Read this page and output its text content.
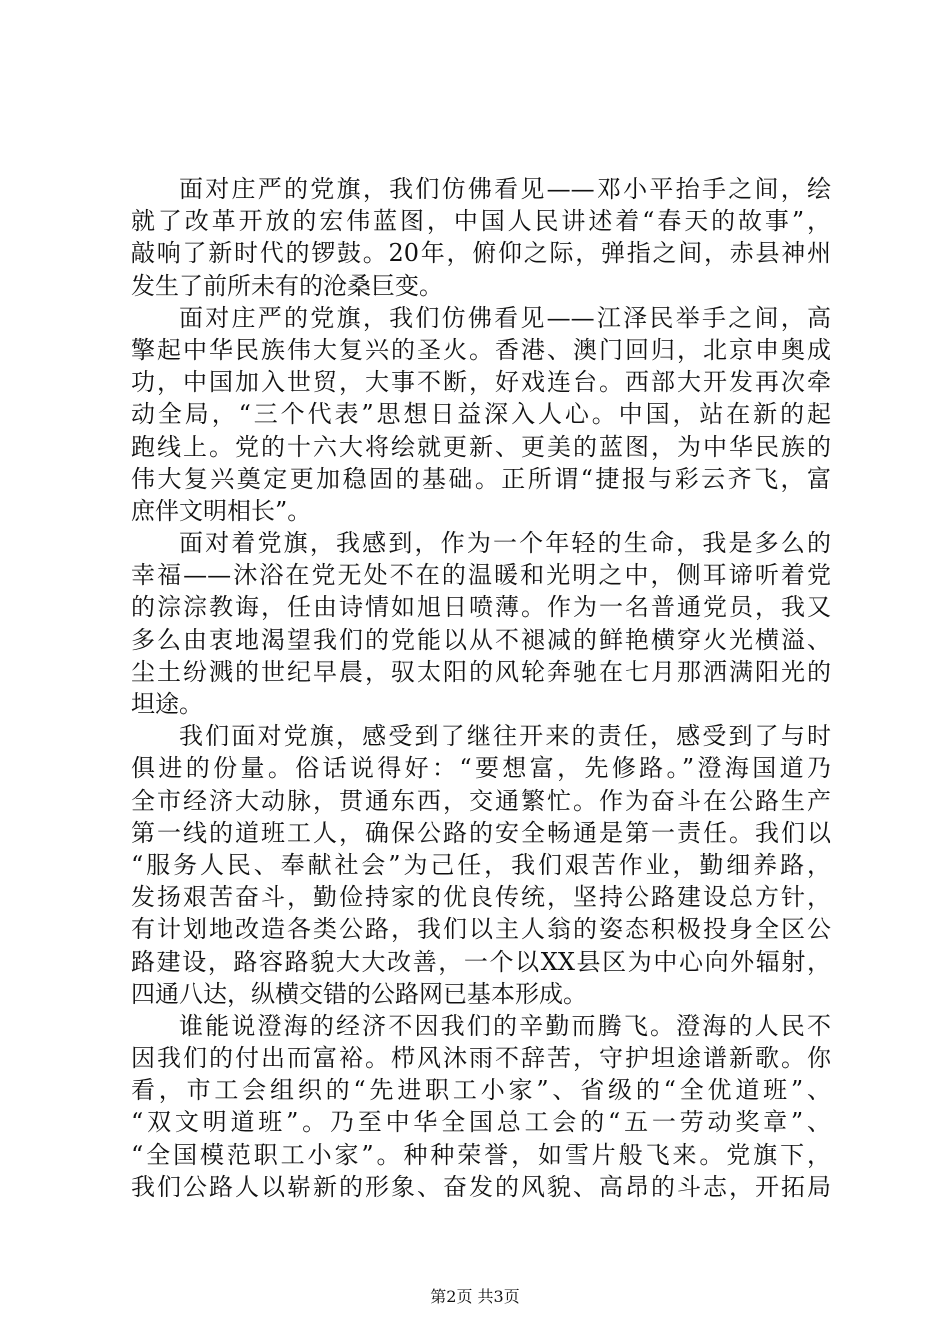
面对庄严的党旗，我们仿佛看见——邓小平抬手之间，绘
就了改革开放的宏伟蓝图，中国人民讲述着“春天的故事”，
敲响了新时代的锣鼓。20年，俯仰之际，弹指之间，赤县神州
发生了前所未有的沧桑巨变。
面对庄严的党旗，我们仿佛看见——江泽民举手之间，高
擎起中华民族伟大复兴的圣火。香港、澳门回归，北京申奥成
功，中国加入世贸，大事不断，好戏连台。西部大开发再次牵
动全局，“三个代表”思想日益深入人心。中国，站在新的起
跑线上。党的十六大将绘就更新、更美的蓝图，为中华民族的
伟大复兴奠定更加稳固的基础。正所谓“捷报与彩云齐飞，富
庶伴文明相长”。
面对着党旗，我感到，作为一个年轻的生命，我是多么的
幸福——沐浴在党无处不在的温暖和光明之中，侧耳谛听着党
的淙淙教诲，任由诗情如旭日喷薄。作为一名普通党员，我又
多么由衷地渴望我们的党能以从不褪减的鲜艳横穿火光横溢、
尘土纷溅的世纪早晨，驭太阳的风轮奔驰在七月那洒满阳光的
坦途。
我们面对党旗，感受到了继往开来的责任，感受到了与时
俱进的份量。俗话说得好：“要想富，先修路。”澄海国道乃
全市经济大动脉，贯通东西，交通繁忙。作为奋斗在公路生产
第一线的道班工人，确保公路的安全畅通是第一责任。我们以
“服务人民、奉献社会”为己任，我们艰苦作业，勤细养路，
发扬艰苦奋斗，勤俭持家的优良传统，坚持公路建设总方针，
有计划地改造各类公路，我们以主人翁的姿态积极投身全区公
路建设，路容路貌大大改善，一个以XX县区为中心向外辐射，
四通八达，纵横交错的公路网已基本形成。
谁能说澄海的经济不因我们的辛勤而腾飞。澄海的人民不
因我们的付出而富裕。栉风沐雨不辞苦，守护坦途谱新歌。你
看，市工会组织的“先进职工小家”、省级的“全优道班”、
“双文明道班”。乃至中华全国总工会的“五一劳动奖章”、
“全国模范职工小家”。种种荣誉，如雪片般飞来。党旗下，
我们公路人以崭新的形象、奋发的风貌、高昂的斗志，开拓局
第2页 共3页
